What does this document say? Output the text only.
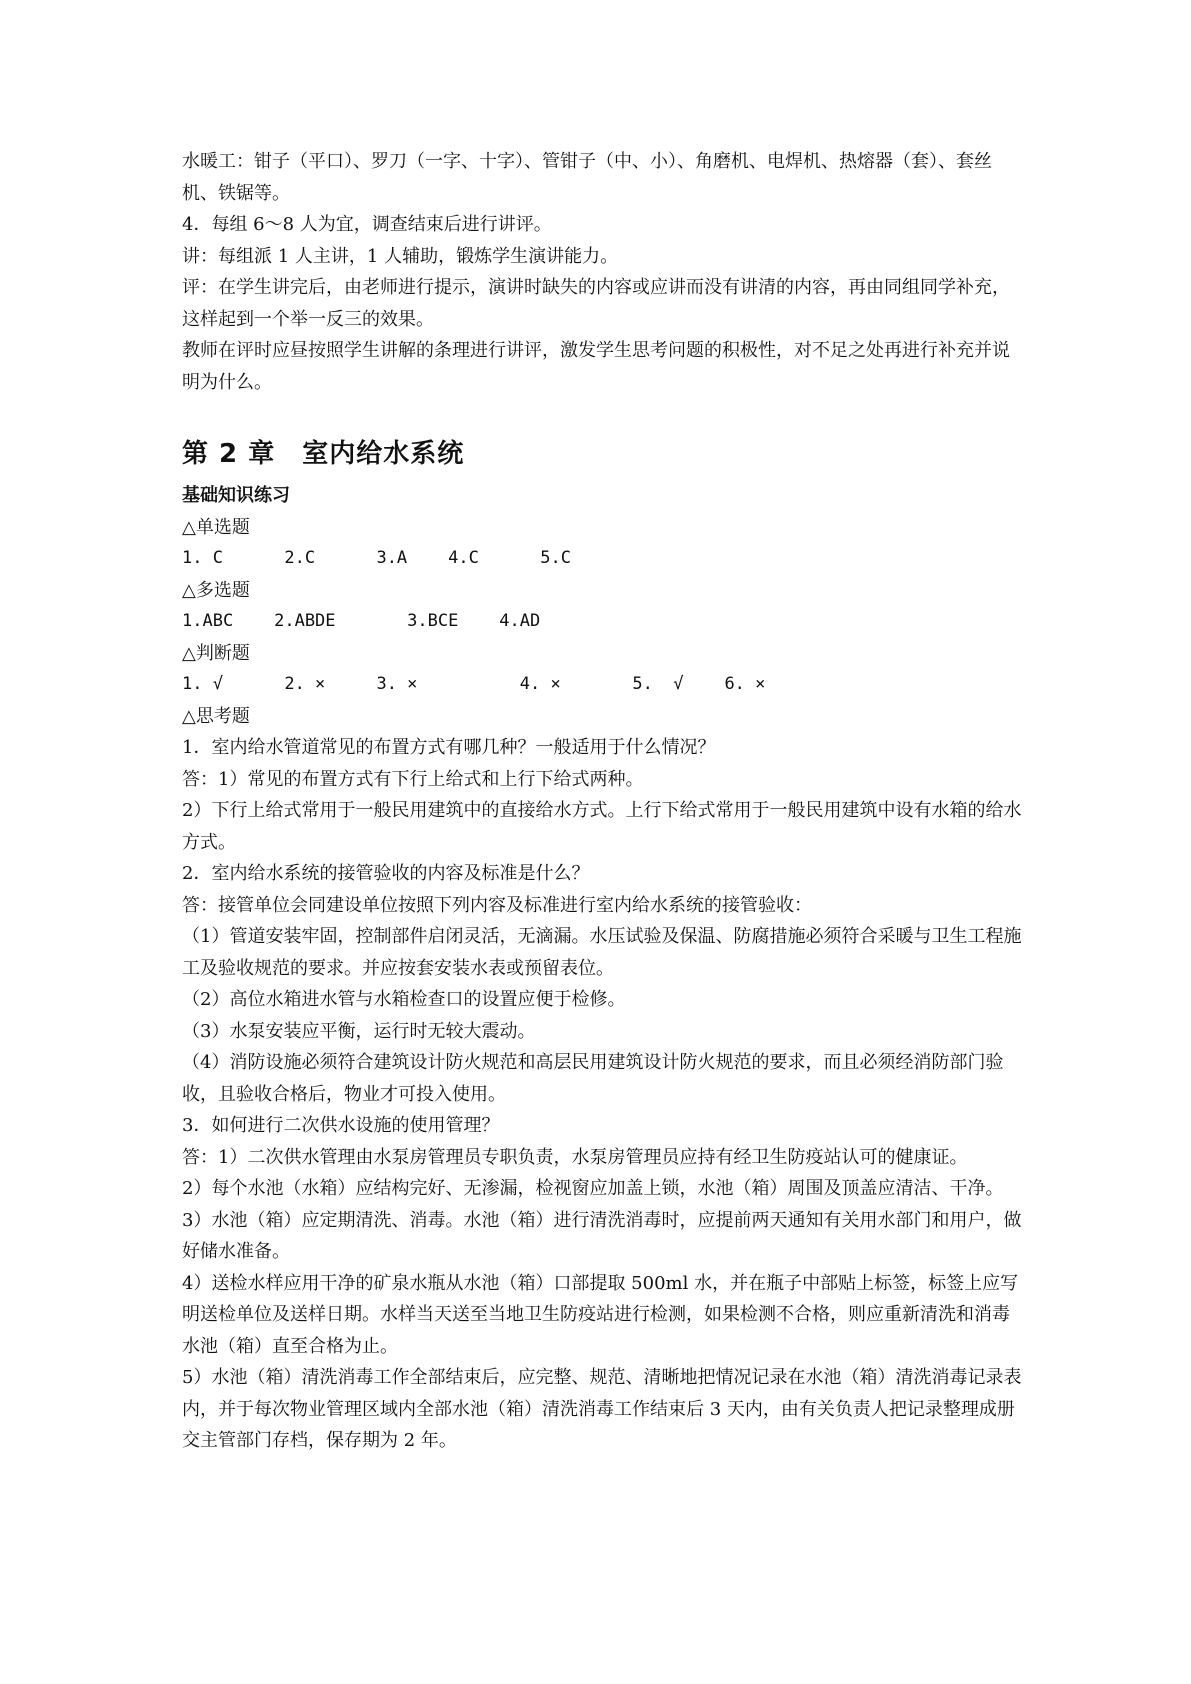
水暖工：钳子（平口）、罗刀（一字、十字）、管钳子（中、小）、角磨机、电焊机、热熔器（套）、套丝机、铁锯等。

4．每组 6～8 人为宜，调查结束后进行讲评。

讲：每组派 1 人主讲，1 人辅助，锻炼学生演讲能力。

评：在学生讲完后，由老师进行提示，演讲时缺失的内容或应讲而没有讲清的内容，再由同组同学补充，这样起到一个举一反三的效果。

教师在评时应昼按照学生讲解的条理进行讲评，激发学生思考问题的积极性，对不足之处再进行补充并说明为什么。

第 2 章　室内给水系统
基础知识练习

△单选题

1. C      2.C      3.A    4.C      5.C

△多选题

1.ABC    2.ABDE       3.BCE    4.AD

△判断题

1. √      2. ×     3. ×          4. ×       5.  √    6. ×

△思考题

1．室内给水管道常见的布置方式有哪几种？一般适用于什么情况？

答：1）常见的布置方式有下行上给式和上行下给式两种。

2）下行上给式常用于一般民用建筑中的直接给水方式。上行下给式常用于一般民用建筑中设有水箱的给水方式。

2．室内给水系统的接管验收的内容及标准是什么？

答：接管单位会同建设单位按照下列内容及标准进行室内给水系统的接管验收：

（1）管道安装牢固，控制部件启闭灵活，无滴漏。水压试验及保温、防腐措施必须符合采暖与卫生工程施工及验收规范的要求。并应按套安装水表或预留表位。

（2）高位水箱进水管与水箱检查口的设置应便于检修。

（3）水泵安装应平衡，运行时无较大震动。

（4）消防设施必须符合建筑设计防火规范和高层民用建筑设计防火规范的要求，而且必须经消防部门验收，且验收合格后，物业才可投入使用。

3．如何进行二次供水设施的使用管理？

答：1）二次供水管理由水泵房管理员专职负责，水泵房管理员应持有经卫生防疫站认可的健康证。

2）每个水池（水箱）应结构完好、无渗漏，检视窗应加盖上锁，水池（箱）周围及顶盖应清洁、干净。

3）水池（箱）应定期清洗、消毒。水池（箱）进行清洗消毒时，应提前两天通知有关用水部门和用户，做好储水准备。

4）送检水样应用干净的矿泉水瓶从水池（箱）口部提取 500ml 水，并在瓶子中部贴上标签，标签上应写明送检单位及送样日期。水样当天送至当地卫生防疫站进行检测，如果检测不合格，则应重新清洗和消毒水池（箱）直至合格为止。

5）水池（箱）清洗消毒工作全部结束后，应完整、规范、清晰地把情况记录在水池（箱）清洗消毒记录表内，并于每次物业管理区域内全部水池（箱）清洗消毒工作结束后 3 天内，由有关负责人把记录整理成册交主管部门存档，保存期为 2 年。
